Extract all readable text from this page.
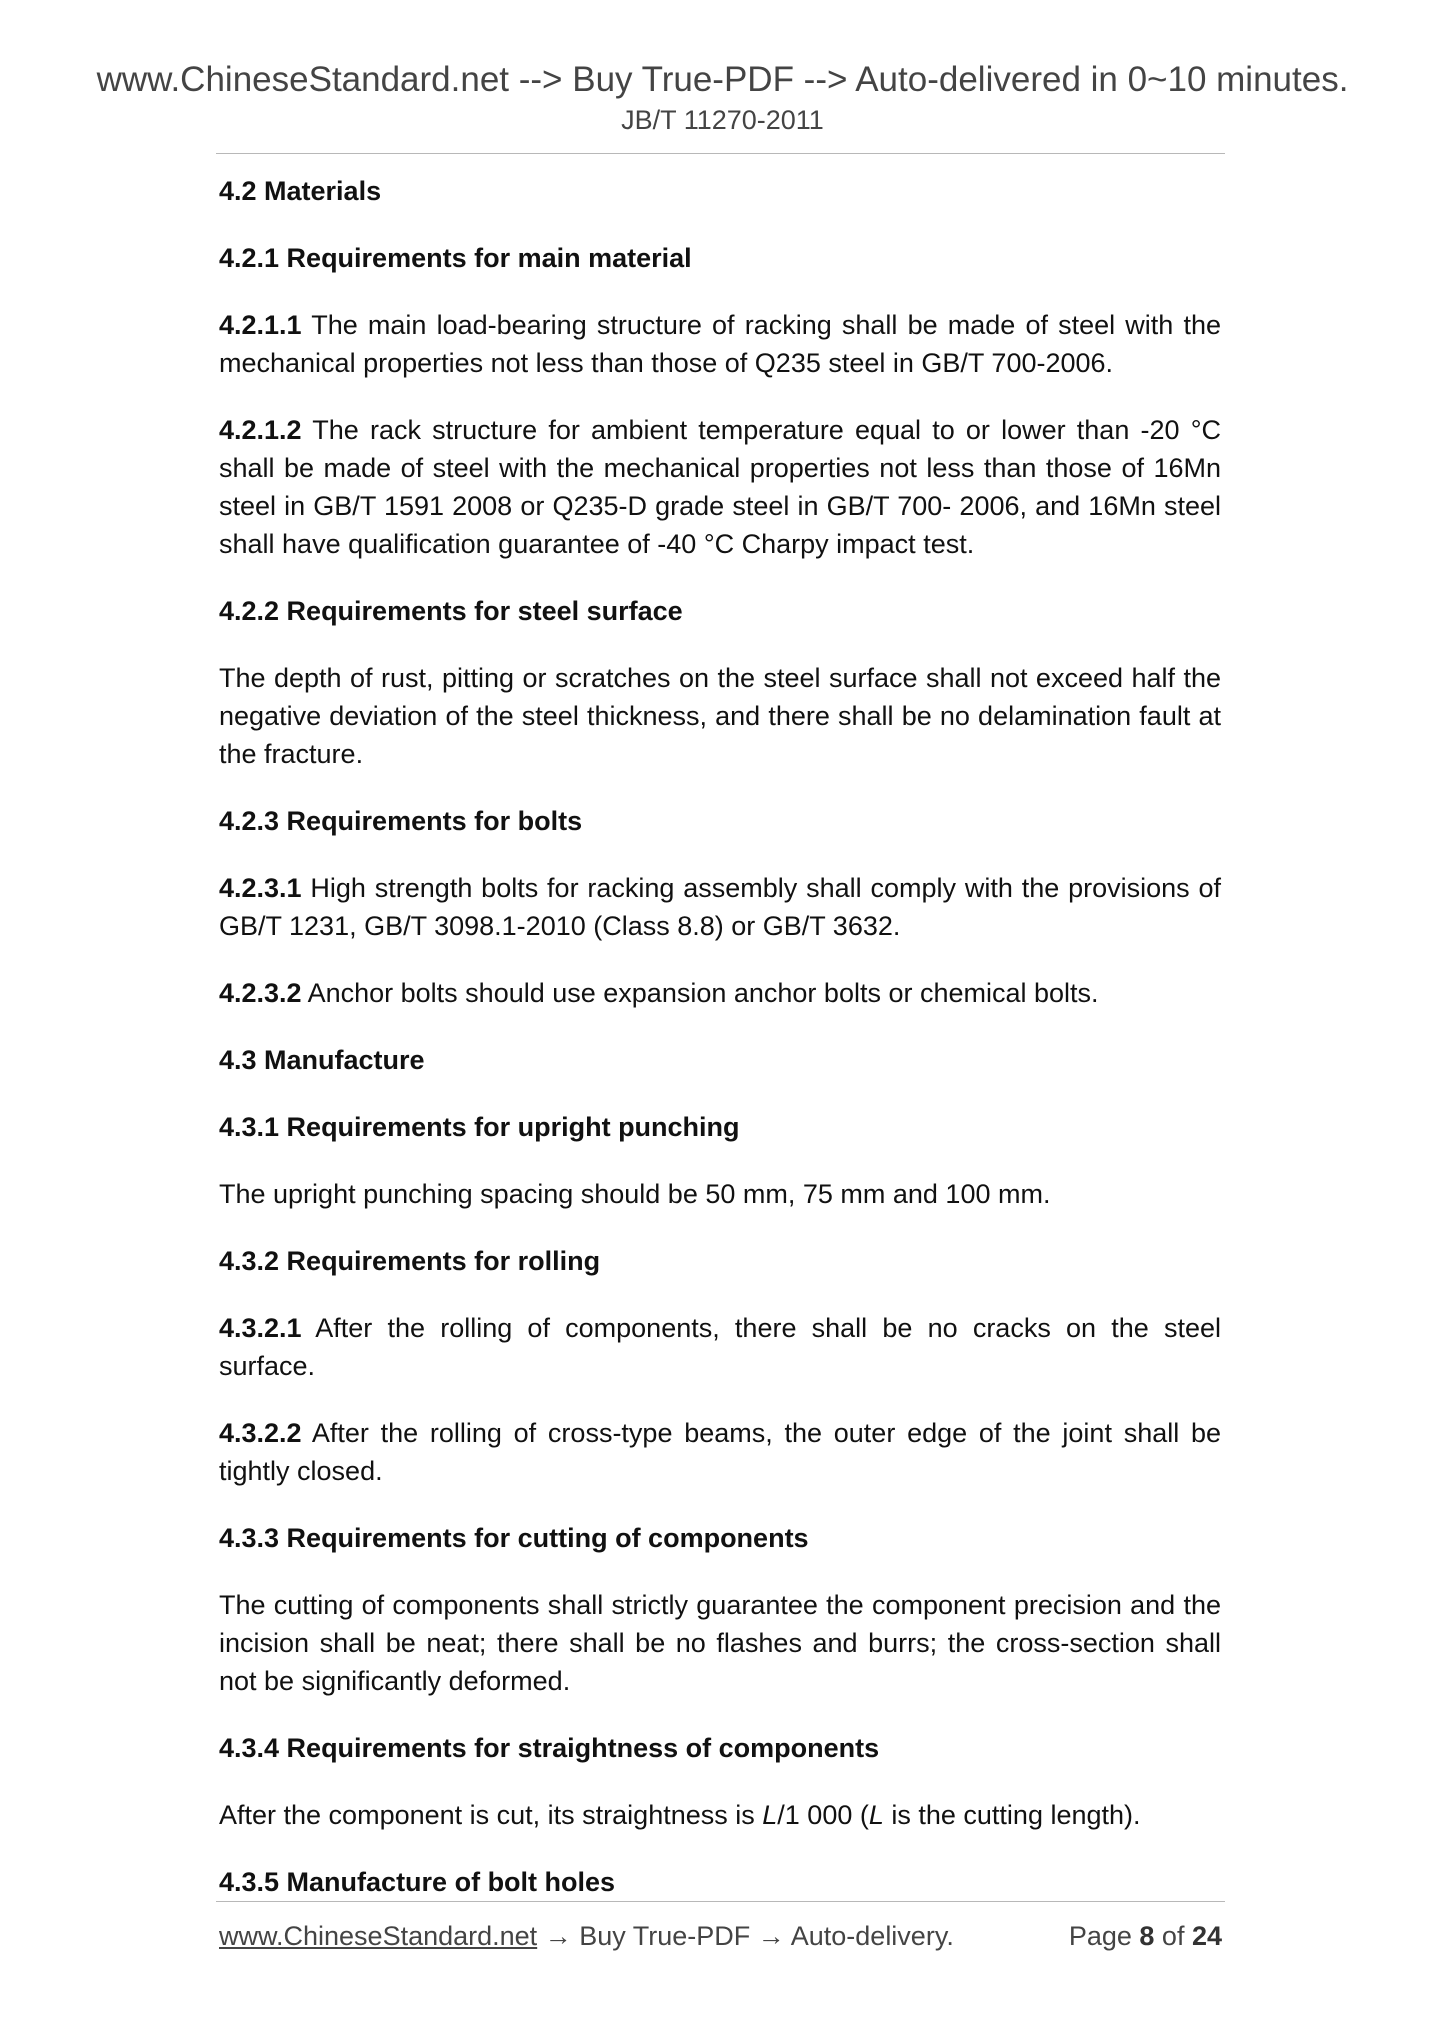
www.ChineseStandard.net --> Buy True-PDF --> Auto-delivered in 0~10 minutes.
JB/T 11270-2011
4.2 Materials
4.2.1 Requirements for main material
4.2.1.1 The main load-bearing structure of racking shall be made of steel with the mechanical properties not less than those of Q235 steel in GB/T 700-2006.
4.2.1.2 The rack structure for ambient temperature equal to or lower than -20 °C shall be made of steel with the mechanical properties not less than those of 16Mn steel in GB/T 1591 2008 or Q235-D grade steel in GB/T 700- 2006, and 16Mn steel shall have qualification guarantee of -40 °C Charpy impact test.
4.2.2 Requirements for steel surface
The depth of rust, pitting or scratches on the steel surface shall not exceed half the negative deviation of the steel thickness, and there shall be no delamination fault at the fracture.
4.2.3 Requirements for bolts
4.2.3.1 High strength bolts for racking assembly shall comply with the provisions of GB/T 1231, GB/T 3098.1-2010 (Class 8.8) or GB/T 3632.
4.2.3.2 Anchor bolts should use expansion anchor bolts or chemical bolts.
4.3 Manufacture
4.3.1 Requirements for upright punching
The upright punching spacing should be 50 mm, 75 mm and 100 mm.
4.3.2 Requirements for rolling
4.3.2.1 After the rolling of components, there shall be no cracks on the steel surface.
4.3.2.2 After the rolling of cross-type beams, the outer edge of the joint shall be tightly closed.
4.3.3 Requirements for cutting of components
The cutting of components shall strictly guarantee the component precision and the incision shall be neat; there shall be no flashes and burrs; the cross-section shall not be significantly deformed.
4.3.4 Requirements for straightness of components
After the component is cut, its straightness is L/1 000 (L is the cutting length).
4.3.5 Manufacture of bolt holes
www.ChineseStandard.net → Buy True-PDF → Auto-delivery.	Page 8 of 24
